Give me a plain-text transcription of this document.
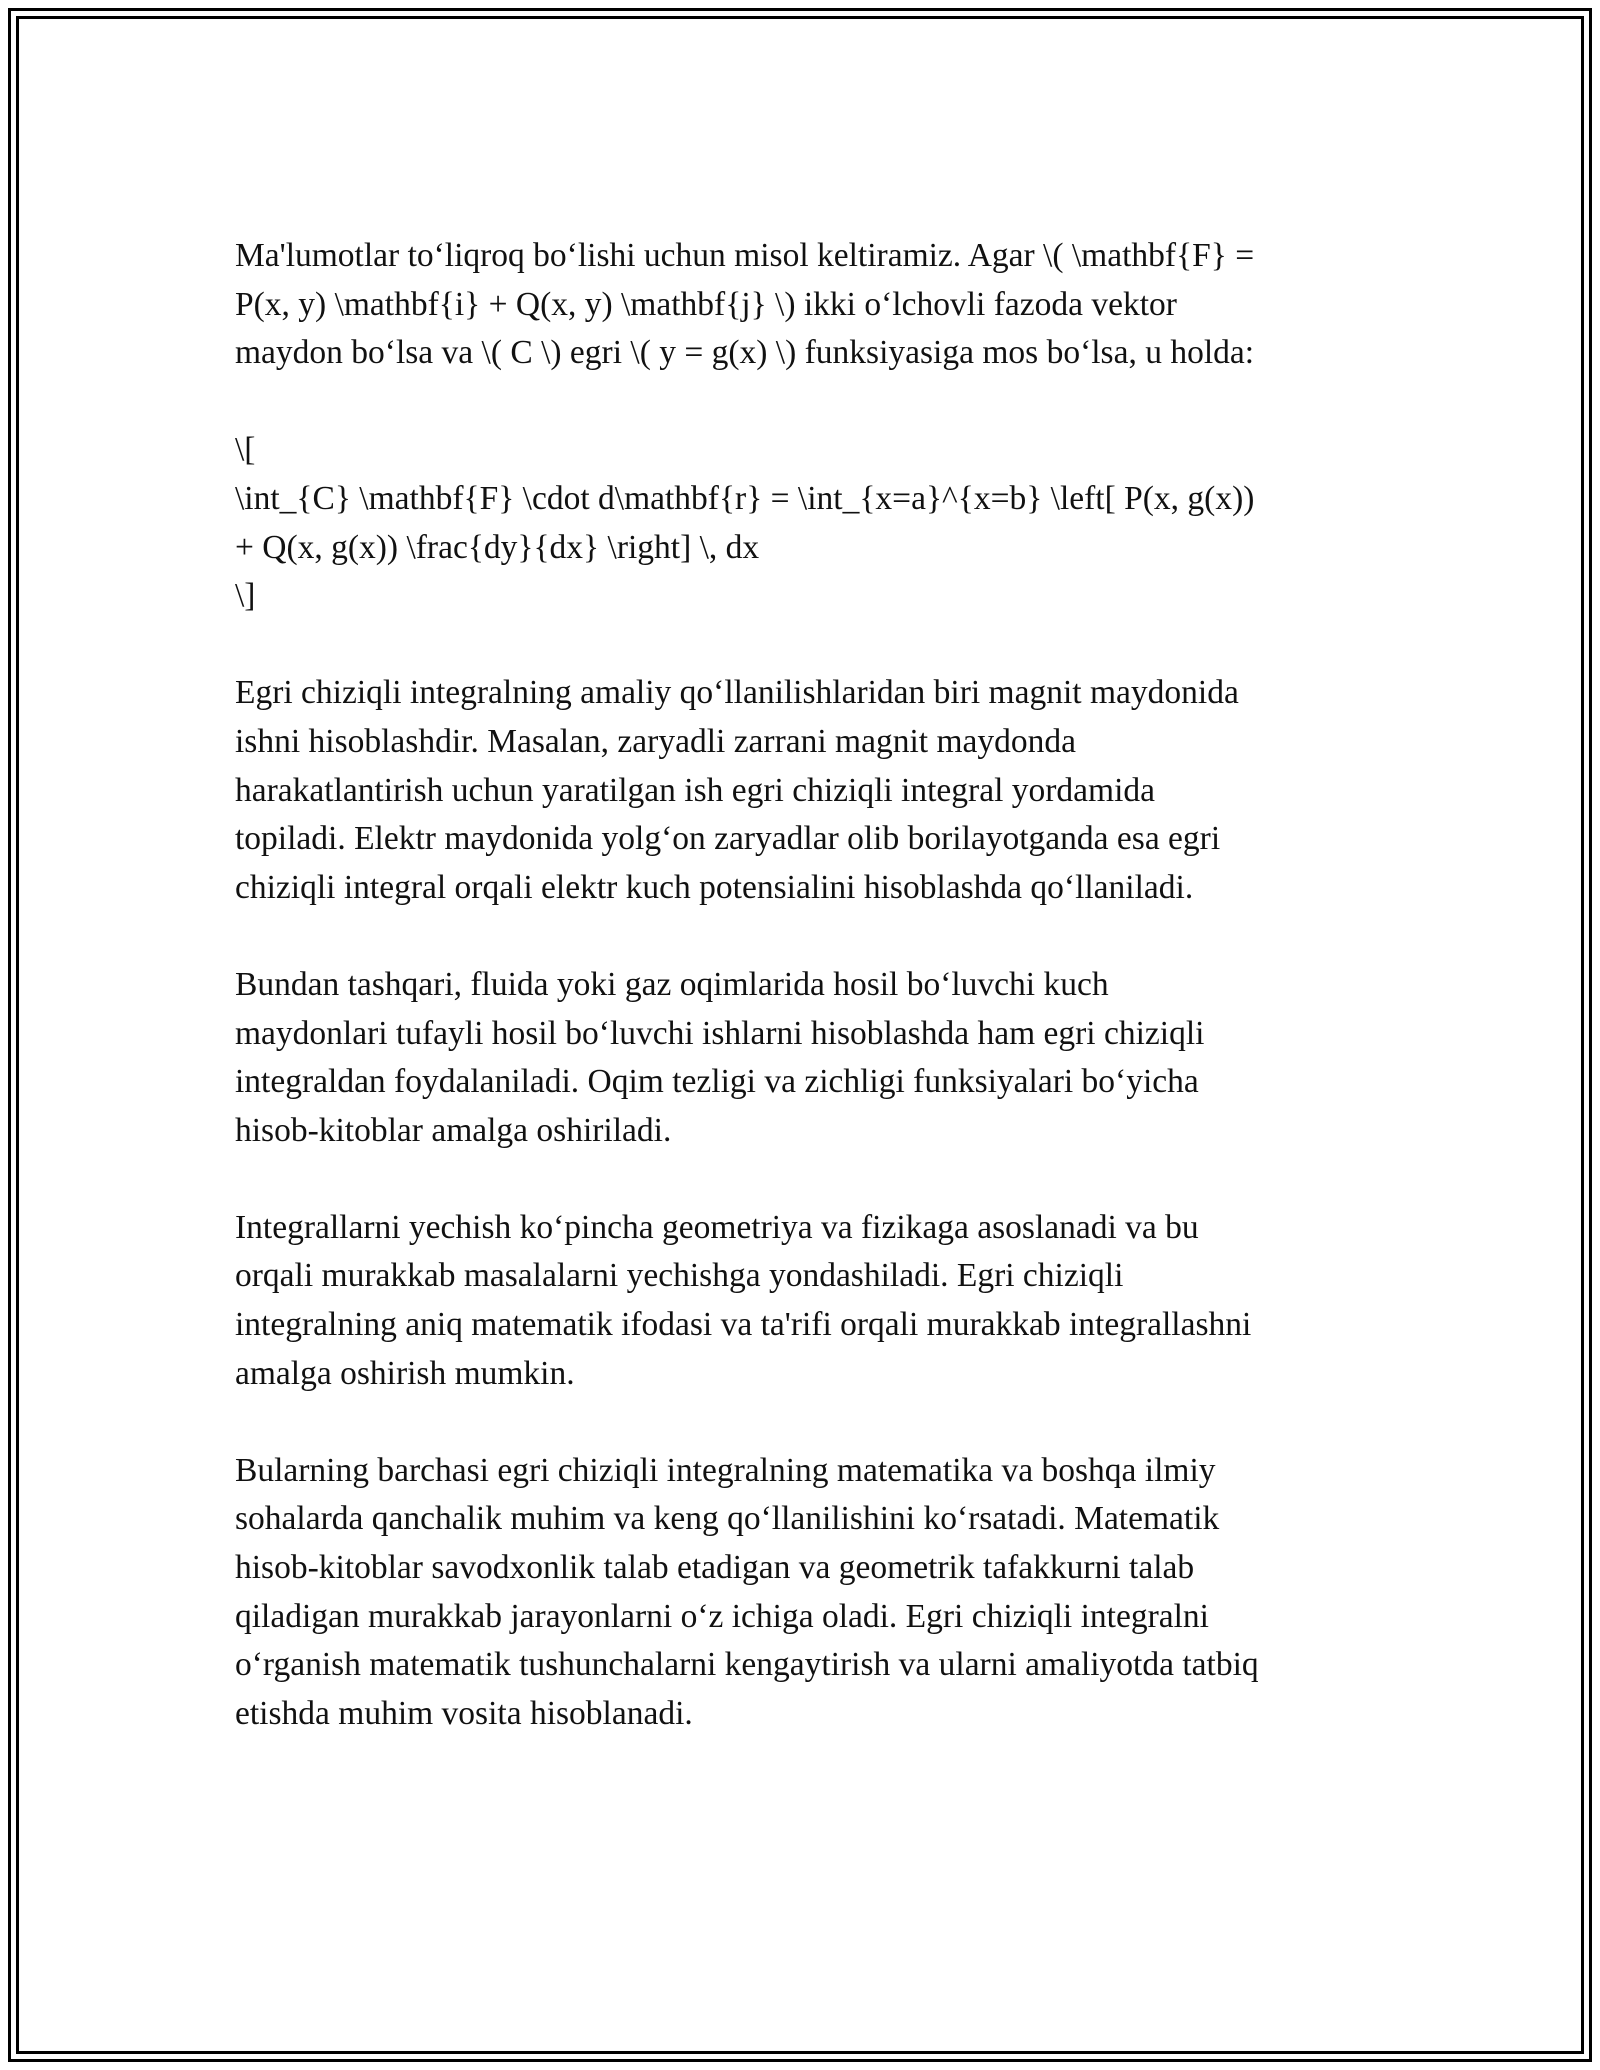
Ma'lumotlar to‘liqroq bo‘lishi uchun misol keltiramiz. Agar \( \mathbf{F} =
P(x, y) \mathbf{i} + Q(x, y) \mathbf{j} \) ikki o‘lchovli fazoda vektor
maydon bo‘lsa va \( C \) egri \( y = g(x) \) funksiyasiga mos bo‘lsa, u holda:
\[
\int_{C} \mathbf{F} \cdot d\mathbf{r} = \int_{x=a}^{x=b} \left[ P(x, g(x))
+ Q(x, g(x)) \frac{dy}{dx} \right] \, dx
\]
Egri chiziqli integralning amaliy qo‘llanilishlaridan biri magnit maydonida
ishni hisoblashdir. Masalan, zaryadli zarrani magnit maydonda
harakatlantirish uchun yaratilgan ish egri chiziqli integral yordamida
topiladi. Elektr maydonida yolg‘on zaryadlar olib borilayotganda esa egri
chiziqli integral orqali elektr kuch potensialini hisoblashda qo‘llaniladi.
Bundan tashqari, fluida yoki gaz oqimlarida hosil bo‘luvchi kuch
maydonlari tufayli hosil bo‘luvchi ishlarni hisoblashda ham egri chiziqli
integraldan foydalaniladi. Oqim tezligi va zichligi funksiyalari bo‘yicha
hisob-kitoblar amalga oshiriladi.
Integrallarni yechish ko‘pincha geometriya va fizikaga asoslanadi va bu
orqali murakkab masalalarni yechishga yondashiladi. Egri chiziqli
integralning aniq matematik ifodasi va ta'rifi orqali murakkab integrallashni
amalga oshirish mumkin.
Bularning barchasi egri chiziqli integralning matematika va boshqa ilmiy
sohalarda qanchalik muhim va keng qo‘llanilishini ko‘rsatadi. Matematik
hisob-kitoblar savodxonlik talab etadigan va geometrik tafakkurni talab
qiladigan murakkab jarayonlarni o‘z ichiga oladi. Egri chiziqli integralni
o‘rganish matematik tushunchalarni kengaytirish va ularni amaliyotda tatbiq
etishda muhim vosita hisoblanadi.
